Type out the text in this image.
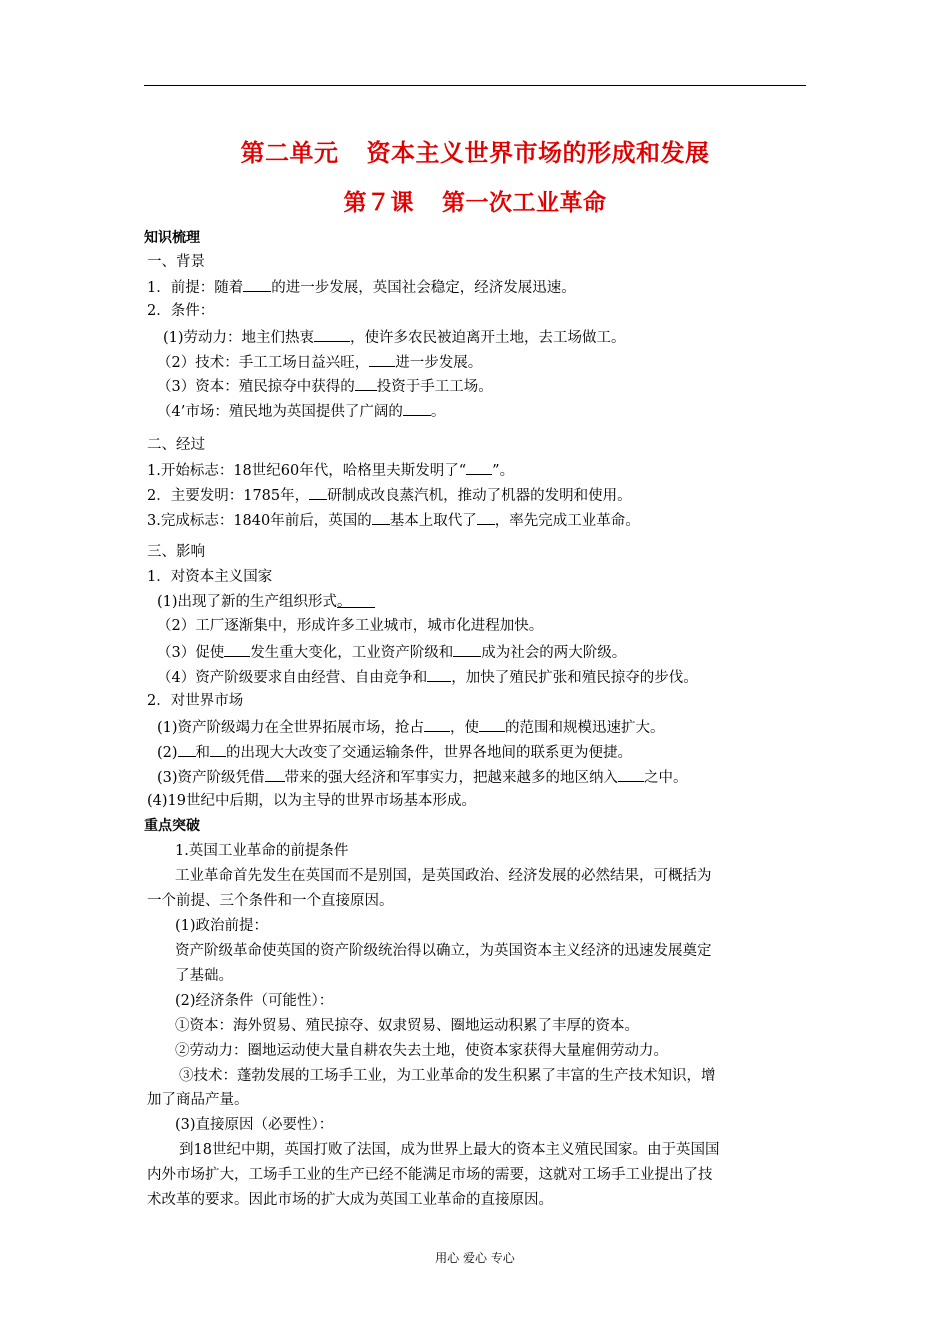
第二单元 资本主义世界市场的形成和发展
第７课 第一次工业革命
知识梳理
一、背景
1．前提：随着 的进一步发展，英国社会稳定，经济发展迅速。
2．条件：
(1)劳动力：地主们热衷 ，使许多农民被迫离开土地，去工场做工。
（2）技术：手工工场日益兴旺， 进一步发展。
（3）资本：殖民掠夺中获得的 投资于手工工场。
（4’市场：殖民地为英国提供了广阔的 。
二、经过
1.开始标志：18世纪60年代，哈格里夫斯发明了“ ”。
2．主要发明：1785年， 研制成改良蒸汽机，推动了机器的发明和使用。
3.完成标志：1840年前后，英国的 基本上取代了 ，率先完成工业革命。
三、影响
1．对资本主义国家
(1)出现了新的生产组织形式。
（2）工厂逐渐集中，形成许多工业城市，城市化进程加快。
（3）促使 发生重大变化，工业资产阶级和 成为社会的两大阶级。
（4）资产阶级要求自由经营、自由竞争和 ，加快了殖民扩张和殖民掠夺的步伐。
2．对世界市场
(1)资产阶级竭力在全世界拓展市场，抢占 ，使 的范围和规模迅速扩大。
(2) 和 的出现大大改变了交通运输条件，世界各地间的联系更为便捷。
(3)资产阶级凭借 带来的强大经济和军事实力，把越来越多的地区纳入 之中。
(4)19世纪中后期，以为主导的世界市场基本形成。
重点突破
1.英国工业革命的前提条件
工业革命首先发生在英国而不是别国，是英国政治、经济发展的必然结果，可概括为
一个前提、三个条件和一个直接原因。
(1)政治前提：
资产阶级革命使英国的资产阶级统治得以确立，为英国资本主义经济的迅速发展奠定
了基础。
(2)经济条件（可能性）：
①资本：海外贸易、殖民掠夺、奴隶贸易、圈地运动积累了丰厚的资本。
②劳动力：圈地运动使大量自耕农失去土地，使资本家获得大量雇佣劳动力。
③技术：蓬勃发展的工场手工业，为工业革命的发生积累了丰富的生产技术知识，增
加了商品产量。
(3)直接原因（必要性）：
到18世纪中期，英国打败了法国，成为世界上最大的资本主义殖民国家。由于英国国
内外市场扩大，工场手工业的生产已经不能满足市场的需要，这就对工场手工业提出了技
术改革的要求。因此市场的扩大成为英国工业革命的直接原因。
用心 爱心 专心
